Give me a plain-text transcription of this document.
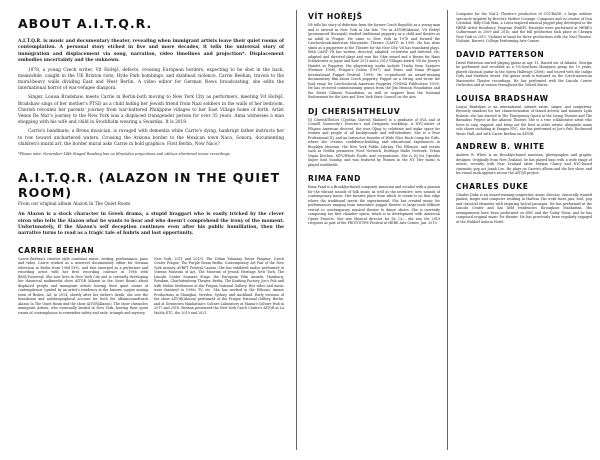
ABOUT A.I.T.Q.R.

A.I.T.Q.R. is music and documentary theater, revealing when immigrant artists leave their quiet rooms of contemplation. A personal story etched in five and more decades, it tells the universal story of immigration and displacement via song, narration, video timelines and projection*. Displacement embodies uncertainty and the unknown.

1978, a young Czech writer, Vít Hořejš, defects, crossing European borders, expecting to be shot in the back, meanwhile, caught in the UK Brixton riots, Hyde Park bombings, and skinhead violence, Carrie Beehan, travels to the mural-heavy walls dividing East and West Berlin. A video editor for German News broadcasting, she edits the international horror of war-refugee diaspora.

Singer, Louisa Bradshaw, meets Carrie in Berlin-both moving to New York City as performers, meeting Vít Hořejš. Bradshaw sings of her mother's PTSD as a child hiding her Jewish friend from Nazi soldiers in the walls of her bedroom. Cherish recounts her parents' journey from war-battered Philippine villages to her East Village home of birth. Artist Venus De Mar's journey to the New York was a displaced transgender person for over 35 years. Anna witnesses a man shopping with his wife and child in Stockholm wearing a Swastika. It is 2018.

Carrie's bandmate, a Bronx musician, is ravaged with dementia while Carrie's dying, bankrupt father instructs her to row toward unchartered waters. Crossing the Arizona border to the Mexican town Naco, Sonora, documenting children's mural art, the border mural asks Carrie in bold graphics: First Berlin, Now Naco?

*Please note: November 14th Staged Reading has no film/video projections and utilizes shortened music recordings.

A.I.T.Q.R. (ALAZON IN THE QUIET ROOM)

From our original album Alazon In The Quiet Room

An Alazon is a stock character in Greek drama, a stupid braggart who is easily tricked by the clever eiron who tells the Alazon what he wants to hear and who doesn't comprehend the irony of the moment. Unfortunately, if the Alazon's self deception continues even after his public humiliation, then the narrative turns to read as a tragic tale of hubris and lost opportunity.

CARRIE BEEHAN

Carrie Beehan's creative style combines music, writing, performance, puns and video. Carrie worked as a newsreel documentary editor for German television in Berlin from 1984-1992, and first emerged as a performer and recording artist with her first recording contract in 1988 with BMG/Universal. She now lives in New York City and is currently developing her theatrical multimedia show AITQR (Alazon in the Quiet Room) about displaced people and immigrant artists leaving their quiet rooms of contemplation. Ignited by an artist's residency in the historic copper mining town of Bisbee, AZ, in 2014, shortly after her father's death, she sets the foundation and autobiographical account for both the album/soundtrack Alazon In The Quiet Room and the show AITQR(Alazon). The show chronicles immigrant Artists, who eventually landed in New York, leaving their quiet rooms of contemplation to remember safety and exile, triumph and mystery.

New York, 2011 and 2013). The Zoltan Tolnanzy Tower Pragaue, Czech Center Prague, The Purple Room Berlin, Contemporary Art Fair of the New York Armory, AVBFT Festival Canvas. She has exhibited and/or performed at Queens Museum of Art, The Museum of Jewish Heritage New York, The Lincoln Center Summer Stage, the European Film Awards, Hamburg, Potsdam, Charlottenburg Theater, Berlin, The Knitting Factory, Joe's Pub and with Stefan Stefanssen at the Prague National Gallery. Her video and music were featured in 1990s TV, etc. She has worked in the Wilsons, Amaze Productions in Shanghai, Sweden, Sydney, and Auckland. Early versions of the show AITQR(Alazon) performed at the Prague National Gallery, Berlin, and at Downtown Manhattan's Culture Laboratory at Mama's Culture Hub in 2017 and 2018. Beehan premiered the New York Czech Centre's AITQR at La MaMa ETC, the 2019 and 2021.

VÍT HOŘEJŠ

Vít tells his story of defection from the former Czech Republic as a young man and is arrived in New York in the late '70s as AITQR(Alazon). Vít Hořejš (pronounced Horzaysh) studied traditional puppetry as a child and theater as an adult in Prague. He came to New York in 1978 and formed the Czechoslovak-American Marionette Theatre (CAMT) in 1990. He has done stints as a puppeteer at the Theatre for the New City, Vít has translated plays. With CAMT Vít has written, directed, adapted, co-written and directed. He, adapted and directed plays and won the Obie award and a Bessie for Hans Schmilowitz in Jayne and Kate 2011 and a 2013 Villager Award. Vít for Jitney's Hamlet in Puppetry. His playwriting works include Tracks from Sarajevo (Premier 1996), Prague's Golem (1997), and Twins and Sonia (Prague International Puppet Festival, 1999). He co-produced an award-winning documentary film about Czech puppetry, Puppet on a String, and wrote the lead essay for Czechoslovak American Puppetry (UNIMA Publication 1993). He has received commissioning grants from the Jim Henson Foundation and the Mertz Gilmore Foundation, as well as support from the National Endowment for the Arts and New York State Council on the Arts.

DJ CHERISHTHELUV

DJ CherishTheLuv (Cynthia Cherish Malaret) is a graduate of SVA and of Cornell University's Director's and Designers workshop. A NYC-native of Filipino American descent, she uses DJing to celebrate and make space for women and people of all backgrounds and self-identities. She is a Pose Professional DJ, and an Instructor, founder of Wide Slice Rock Camp for Girls, where she creates confidence-building and educational experiences in Brooklyn Museum, the New York Public Library, The Fillmore, and events such as Netflix premieres, Food Network, Heritage Radio Network, Urban Vegan Kitchen, MTV/Whole Foods, and corporations. She is DJ for Operahs Super Soul Sunday, and was featured by Women in the NY. Her music is played worldwide.

RIMA FAND

Rima Fand is a Brooklyn-based composer, musician and vocalist with a passion for the vibrant sounds of folk music as well as the inventive, new sounds of contemporary music. Her favorite place from which to create is on that edge where the traditional meets the experimental. She has created music for performances ranging from innovative puppet theater to large-scale folklore revival to contemporary musical theater to dance shows. She is currently composing her first chamber opera, which is in development with American Opera Projects. She was Musical director for Dr. Cz... she was the 2019 recipient as part of the PROTOTYPE Festival at HERE Arts Center, Jan. 2019.

Composer for the NACL Theatre's production of COURAGE, a large outdoor spectacle inspired by Brecht's Mother Courage. Composer and co-creator of Don Cristobal, Billy-Club Man, a Lorca-inspired musical puppet play developed in the HERE Artist Residency Program (HARP). Excerpts were performed at HERE's Culturemart in 2009 and 2010, and the full production took place at Chemyn New York in 2011. Violinist in band for three productions with the Nacl Theatre. Violinist, Barrett, College Performing Arts Centre.

DAVID PATTERSON

David Patterson started playing guitar at age 11. Raised out of Atlanta, Georgia he performed and recorded as a US-Southern bluegrass group for 10 years, played classical guitar in the Opera Hallways (2008), and toured with the Indigo Girls and Matthew Sweet. His guitar work is featured on the Czech-American Marionette Theatre recordings. He has performed with the Lincoln Center Orchestra and at venues throughout the United States.

LOUISA BRADSHAW

Louisa Bradshaw is an international cabaret artist, singer, and songwriter. Recently standout for her characterization of famed actress and monster Lyda Roberti, she has starred in The Threepenny Opera at the Living Theatre and The Barnabus Project at the Atlantic Theater. She is a true collaborator artist who loves to sing, support, and bring out the best in other artists. Alongside many solo shows including at Pangea NYC, she has performed at Joe's Pub, Rockwood Music Hall, and with Carrie Beehan on AITQR.

ANDREW B. WHITE

Andrew B. White is an Brooklyn-based musician, photographer and graphic designer. Originally from New Zealand, he has played bass with a wide range of artists, recently with New Zealand artist Miriam Clancy and NYC-based cinematic pop act Jonah Leo. He plays on Carrie's album and the live show, and his visual work appears across the AITQR project.

CHARLES DUKE

Charles Duke is an award-winning songwriter, music director, classically trained pianist, singer and composer residing in Harlem. His work fuses jazz, soul, pop and classical elements with inspiring lyrical passages. He has performed at the Lincoln Center and has held residencies throughout Manhattan. His arrangements have been performed on NBC and the Today Show, and he has composed original music for theater. He has previously been regularly engaged at the Waldorf Astoria Hotel.
